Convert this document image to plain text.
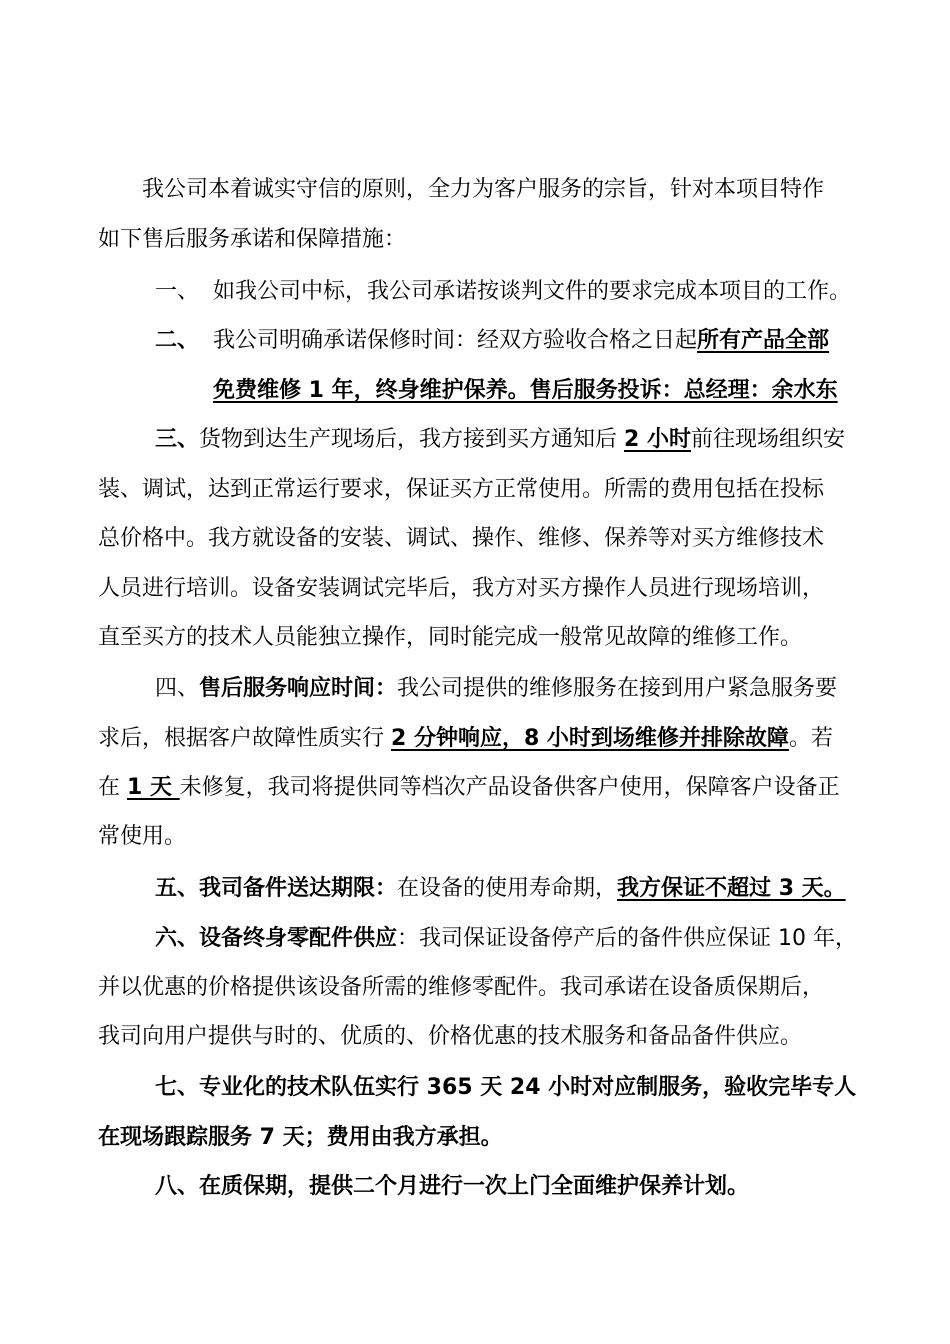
我公司本着诚实守信的原则，全力为客户服务的宗旨，针对本项目特作
如下售后服务承诺和保障措施：
一、 如我公司中标，我公司承诺按谈判文件的要求完成本项目的工作。
二、 我公司明确承诺保修时间：经双方验收合格之日起所有产品全部
免费维修 1 年，终身维护保养。售后服务投诉：总经理：余水东
三、货物到达生产现场后，我方接到买方通知后 2 小时前往现场组织安
装、调试，达到正常运行要求，保证买方正常使用。所需的费用包括在投标
总价格中。我方就设备的安装、调试、操作、维修、保养等对买方维修技术
人员进行培训。设备安装调试完毕后，我方对买方操作人员进行现场培训，
直至买方的技术人员能独立操作，同时能完成一般常见故障的维修工作。
四、售后服务响应时间：我公司提供的维修服务在接到用户紧急服务要
求后，根据客户故障性质实行 2 分钟响应，8 小时到场维修并排除故障。若
在 1 天 未修复，我司将提供同等档次产品设备供客户使用，保障客户设备正
常使用。
五、我司备件送达期限：在设备的使用寿命期，我方保证不超过 3 天。
六、设备终身零配件供应：我司保证设备停产后的备件供应保证 10 年，
并以优惠的价格提供该设备所需的维修零配件。我司承诺在设备质保期后，
我司向用户提供与时的、优质的、价格优惠的技术服务和备品备件供应。
七、专业化的技术队伍实行 365 天 24 小时对应制服务，验收完毕专人
在现场跟踪服务 7 天；费用由我方承担。
八、在质保期，提供二个月进行一次上门全面维护保养计划。
